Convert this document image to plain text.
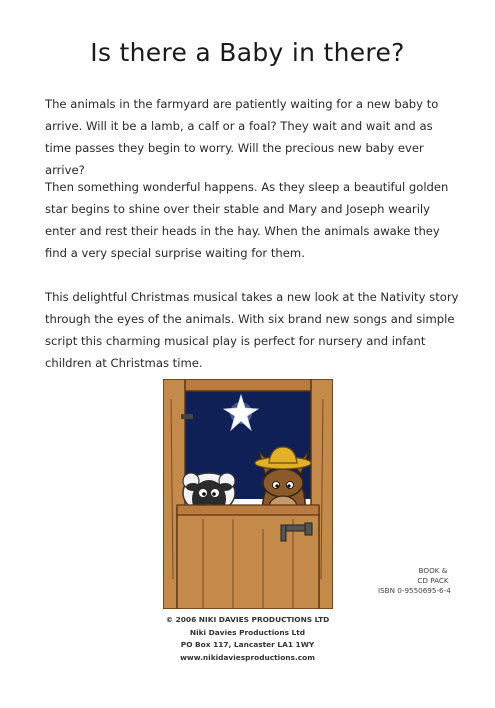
Is there a Baby in there?

The animals in the farmyard are patiently waiting for a new baby to arrive. Will it be a lamb, a calf or a foal? They wait and wait and as time passes they begin to worry. Will the precious new baby ever arrive?

Then something wonderful happens. As they sleep a beautiful golden star begins to shine over their stable and Mary and Joseph wearily enter and rest their heads in the hay. When the animals awake they find a very special surprise waiting for them.

This delightful Christmas musical takes a new look at the Nativity story through the eyes of the animals. With six brand new songs and simple script this charming musical play is perfect for nursery and infant children at Christmas time.

BOOK &
CD PACK
ISBN 0-9550695-6-4
© 2006 NIKI DAVIES PRODUCTIONS LTD
Niki Davies Productions Ltd
PO Box 117, Lancaster LA1 1WY
www.nikidaviesproductions.com
